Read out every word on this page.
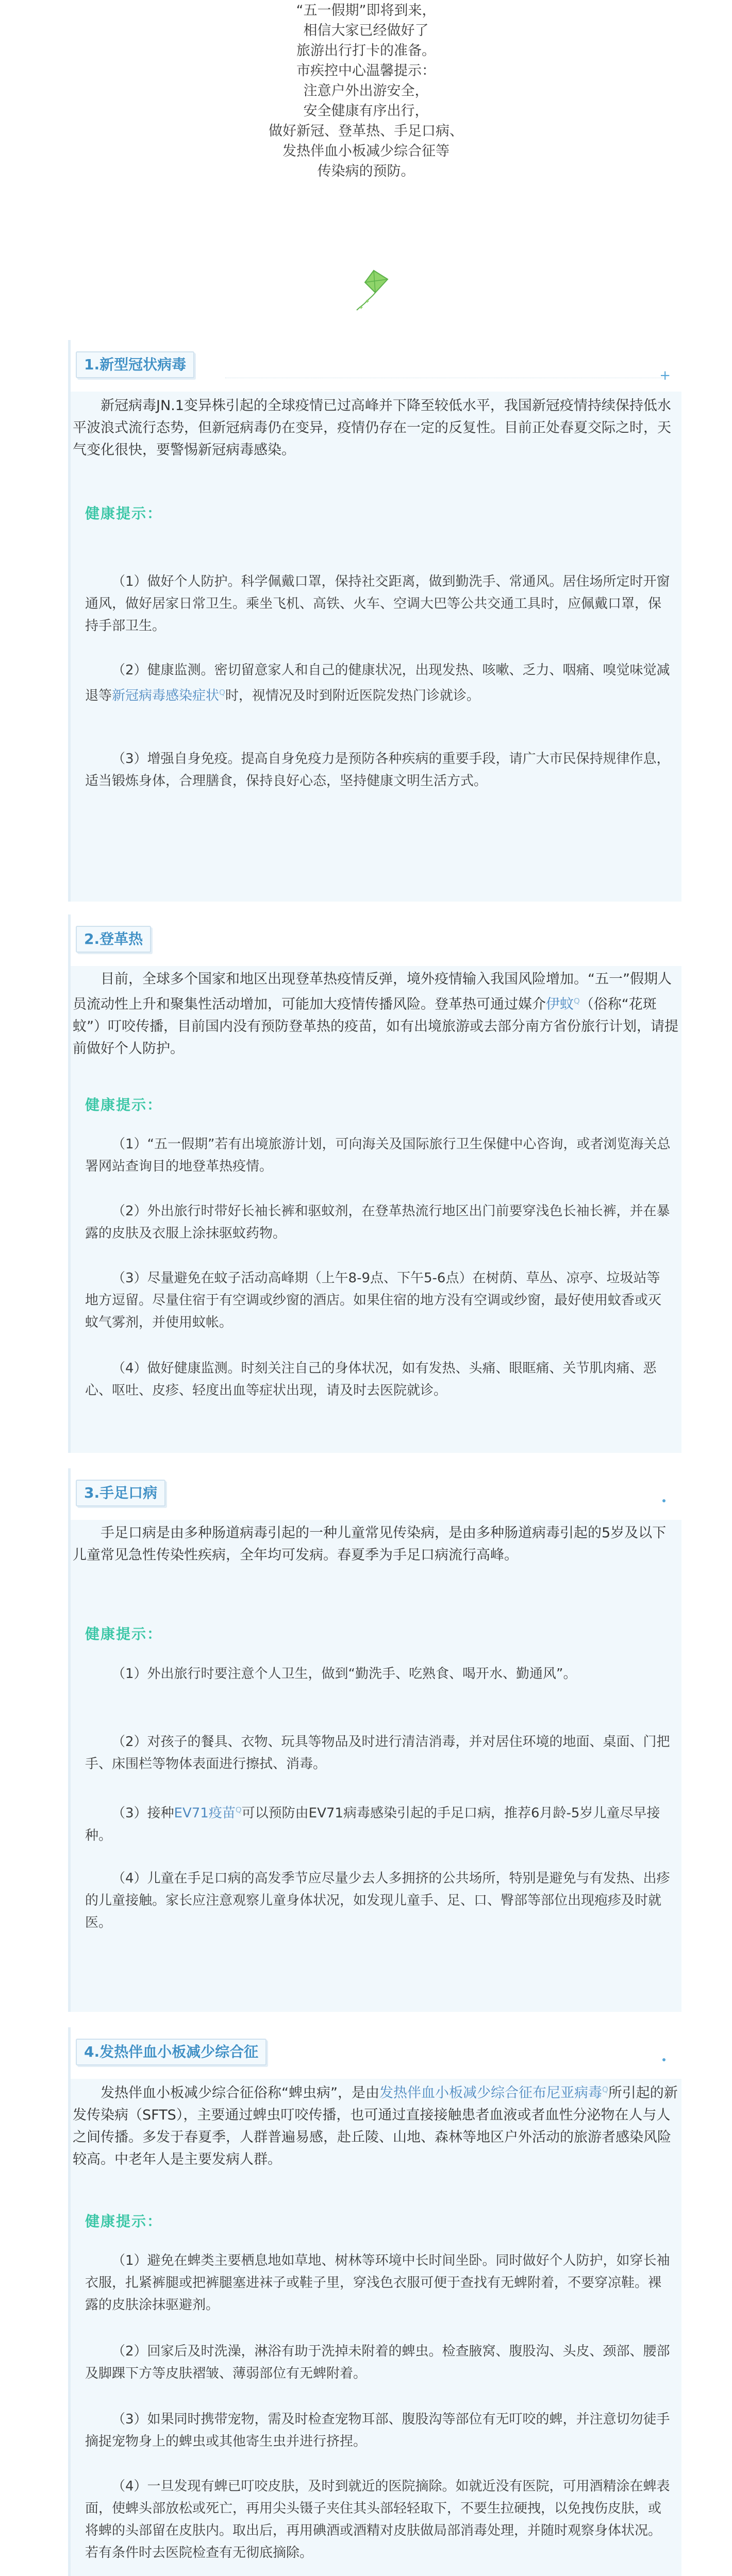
“五一假期”即将到来，

相信大家已经做好了

旅游出行打卡的准备。

市疾控中心温馨提示：

注意户外出游安全，

安全健康有序出行，

做好新冠、登革热、手足口病、

发热伴血小板减少综合征等

传染病的预防。

1.新型冠状病毒
+

新冠病毒JN.1变异株引起的全球疫情已过高峰并下降至较低水平，我国新冠疫情持续保持低水平波浪式流行态势，但新冠病毒仍在变异，疫情仍存在一定的反复性。目前正处春夏交际之时，天气变化很快，要警惕新冠病毒感染。

健康提示：

（1）做好个人防护。科学佩戴口罩，保持社交距离，做到勤洗手、常通风。居住场所定时开窗通风，做好居家日常卫生。乘坐飞机、高铁、火车、空调大巴等公共交通工具时，应佩戴口罩，保持手部卫生。

（2）健康监测。密切留意家人和自己的健康状况，出现发热、咳嗽、乏力、咽痛、嗅觉味觉减退等新冠病毒感染症状$^Q$时，视情况及时到附近医院发热门诊就诊。

（3）增强自身免疫。提高自身免疫力是预防各种疾病的重要手段，请广大市民保持规律作息，适当锻炼身体，合理膳食，保持良好心态，坚持健康文明生活方式。

2.登革热

目前，全球多个国家和地区出现登革热疫情反弹，境外疫情输入我国风险增加。“五一”假期人员流动性上升和聚集性活动增加，可能加大疫情传播风险。登革热可通过媒介伊蚊$^Q$（俗称“花斑蚊”）叮咬传播，目前国内没有预防登革热的疫苗，如有出境旅游或去部分南方省份旅行计划，请提前做好个人防护。

健康提示：

（1）“五一假期”若有出境旅游计划，可向海关及国际旅行卫生保健中心咨询，或者浏览海关总署网站查询目的地登革热疫情。

（2）外出旅行时带好长袖长裤和驱蚊剂，在登革热流行地区出门前要穿浅色长袖长裤，并在暴露的皮肤及衣服上涂抹驱蚊药物。

（3）尽量避免在蚊子活动高峰期（上午8-9点、下午5-6点）在树荫、草丛、凉亭、垃圾站等地方逗留。尽量住宿于有空调或纱窗的酒店。如果住宿的地方没有空调或纱窗，最好使用蚊香或灭蚊气雾剂，并使用蚊帐。

（4）做好健康监测。时刻关注自己的身体状况，如有发热、头痛、眼眶痛、关节肌肉痛、恶心、呕吐、皮疹、轻度出血等症状出现，请及时去医院就诊。

3.手足口病

手足口病是由多种肠道病毒引起的一种儿童常见传染病，是由多种肠道病毒引起的5岁及以下儿童常见急性传染性疾病，全年均可发病。春夏季为手足口病流行高峰。

健康提示：

（1）外出旅行时要注意个人卫生，做到“勤洗手、吃熟食、喝开水、勤通风”。

（2）对孩子的餐具、衣物、玩具等物品及时进行清洁消毒，并对居住环境的地面、桌面、门把手、床围栏等物体表面进行擦拭、消毒。

（3）接种EV71疫苗$^Q$可以预防由EV71病毒感染引起的手足口病，推荐6月龄-5岁儿童尽早接种。

（4）儿童在手足口病的高发季节应尽量少去人多拥挤的公共场所，特别是避免与有发热、出疹的儿童接触。家长应注意观察儿童身体状况，如发现儿童手、足、口、臀部等部位出现疱疹及时就医。

4.发热伴血小板减少综合征

发热伴血小板减少综合征俗称“蜱虫病”，是由发热伴血小板减少综合征布尼亚病毒$^Q$所引起的新发传染病（SFTS），主要通过蜱虫叮咬传播，也可通过直接接触患者血液或者血性分泌物在人与人之间传播。多发于春夏季，人群普遍易感，赴丘陵、山地、森林等地区户外活动的旅游者感染风险较高。中老年人是主要发病人群。

健康提示：

（1）避免在蜱类主要栖息地如草地、树林等环境中长时间坐卧。同时做好个人防护，如穿长袖衣服，扎紧裤腿或把裤腿塞进袜子或鞋子里，穿浅色衣服可便于查找有无蜱附着，不要穿凉鞋。裸露的皮肤涂抹驱避剂。

（2）回家后及时洗澡，淋浴有助于洗掉未附着的蜱虫。检查腋窝、腹股沟、头皮、颈部、腰部及脚踝下方等皮肤褶皱、薄弱部位有无蜱附着。

（3）如果同时携带宠物，需及时检查宠物耳部、腹股沟等部位有无叮咬的蜱，并注意切勿徒手摘捉宠物身上的蜱虫或其他寄生虫并进行挤捏。

（4）一旦发现有蜱已叮咬皮肤，及时到就近的医院摘除。如就近没有医院，可用酒精涂在蜱表面，使蜱头部放松或死亡，再用尖头镊子夹住其头部轻轻取下，不要生拉硬拽，以免拽伤皮肤，或将蜱的头部留在皮肤内。取出后，再用碘酒或酒精对皮肤做局部消毒处理，并随时观察身体状况。若有条件时去医院检查有无彻底摘除。
